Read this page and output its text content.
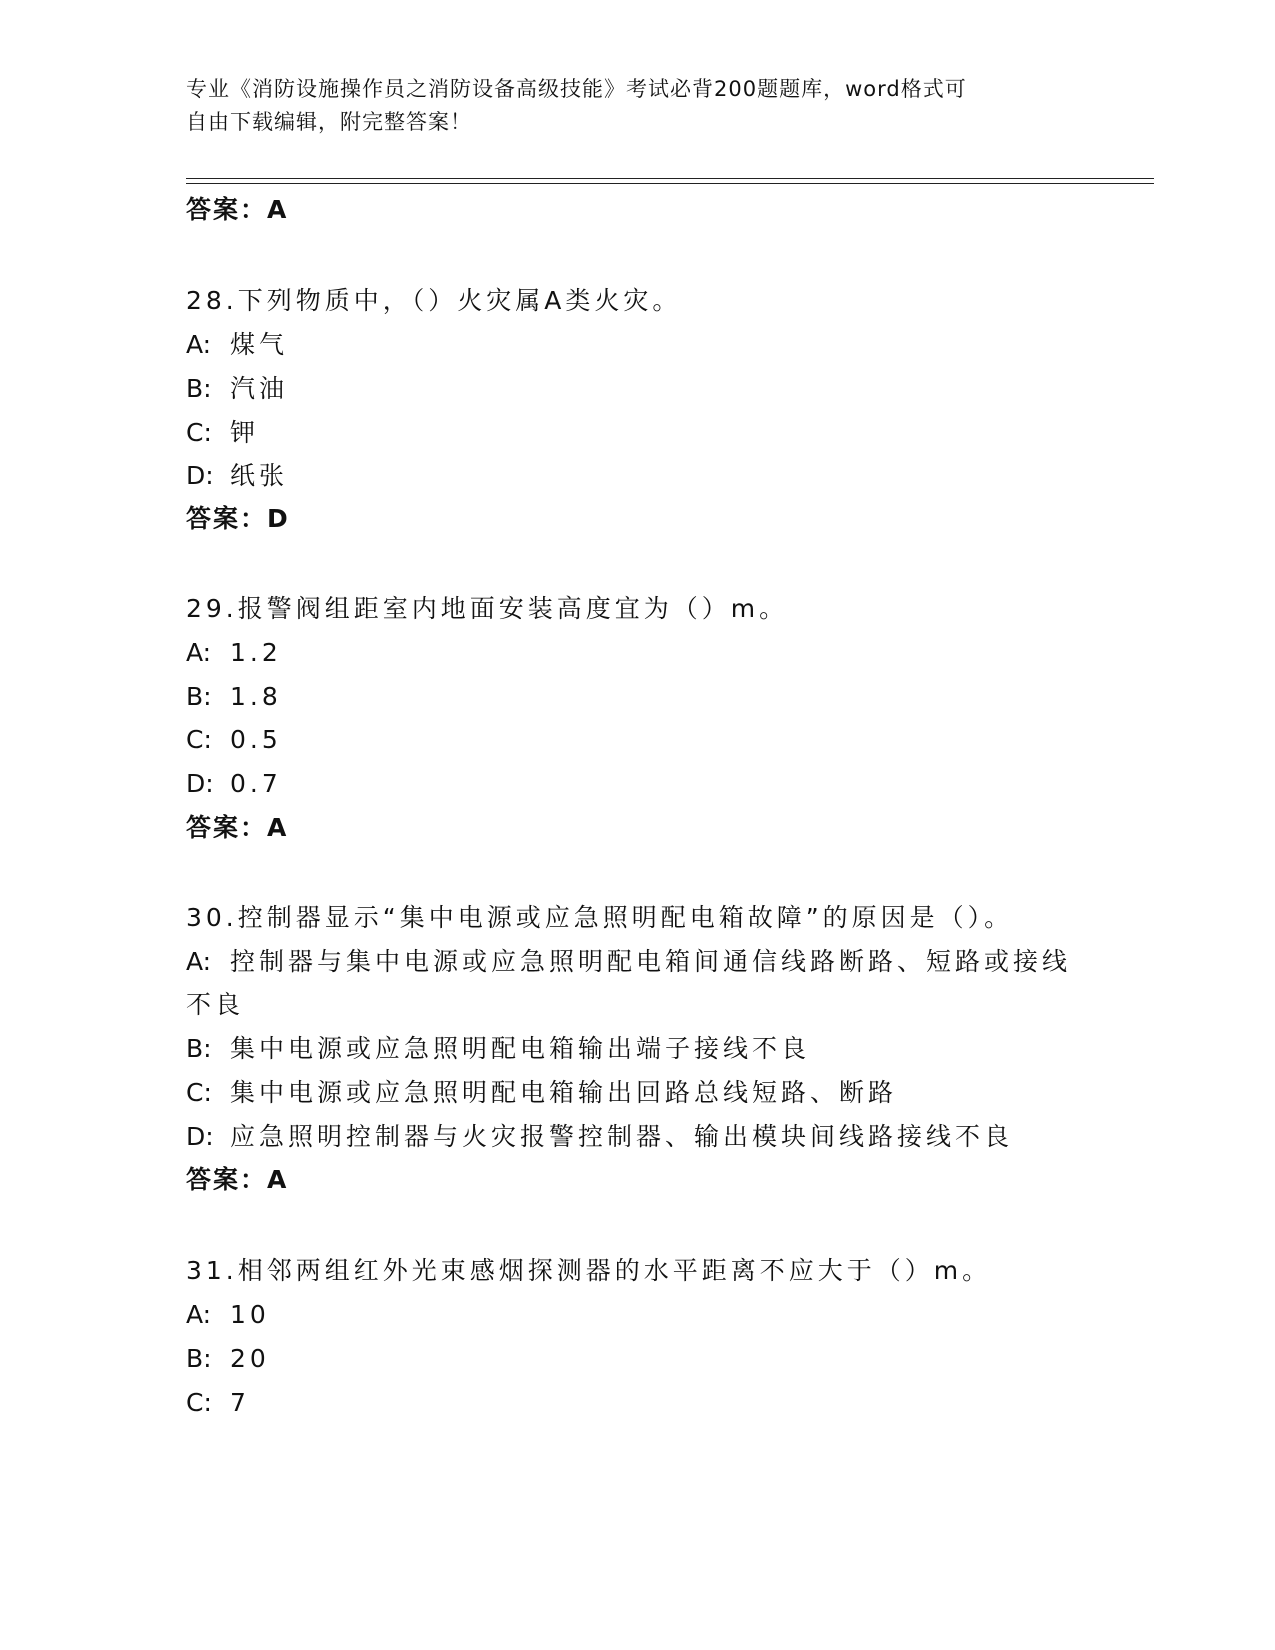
专业《消防设施操作员之消防设备高级技能》考试必背200题题库，word格式可
自由下载编辑，附完整答案！
答案：A
28.下列物质中，（）火灾属A类火灾。
A: 煤气
B: 汽油
C: 钾
D: 纸张
答案：D
29.报警阀组距室内地面安装高度宜为（）m。
A: 1.2
B: 1.8
C: 0.5
D: 0.7
答案：A
30.控制器显示“集中电源或应急照明配电箱故障”的原因是（）。
A: 控制器与集中电源或应急照明配电箱间通信线路断路、短路或接线
不良
B: 集中电源或应急照明配电箱输出端子接线不良
C: 集中电源或应急照明配电箱输出回路总线短路、断路
D: 应急照明控制器与火灾报警控制器、输出模块间线路接线不良
答案：A
31.相邻两组红外光束感烟探测器的水平距离不应大于（）m。
A: 10
B: 20
C: 7
